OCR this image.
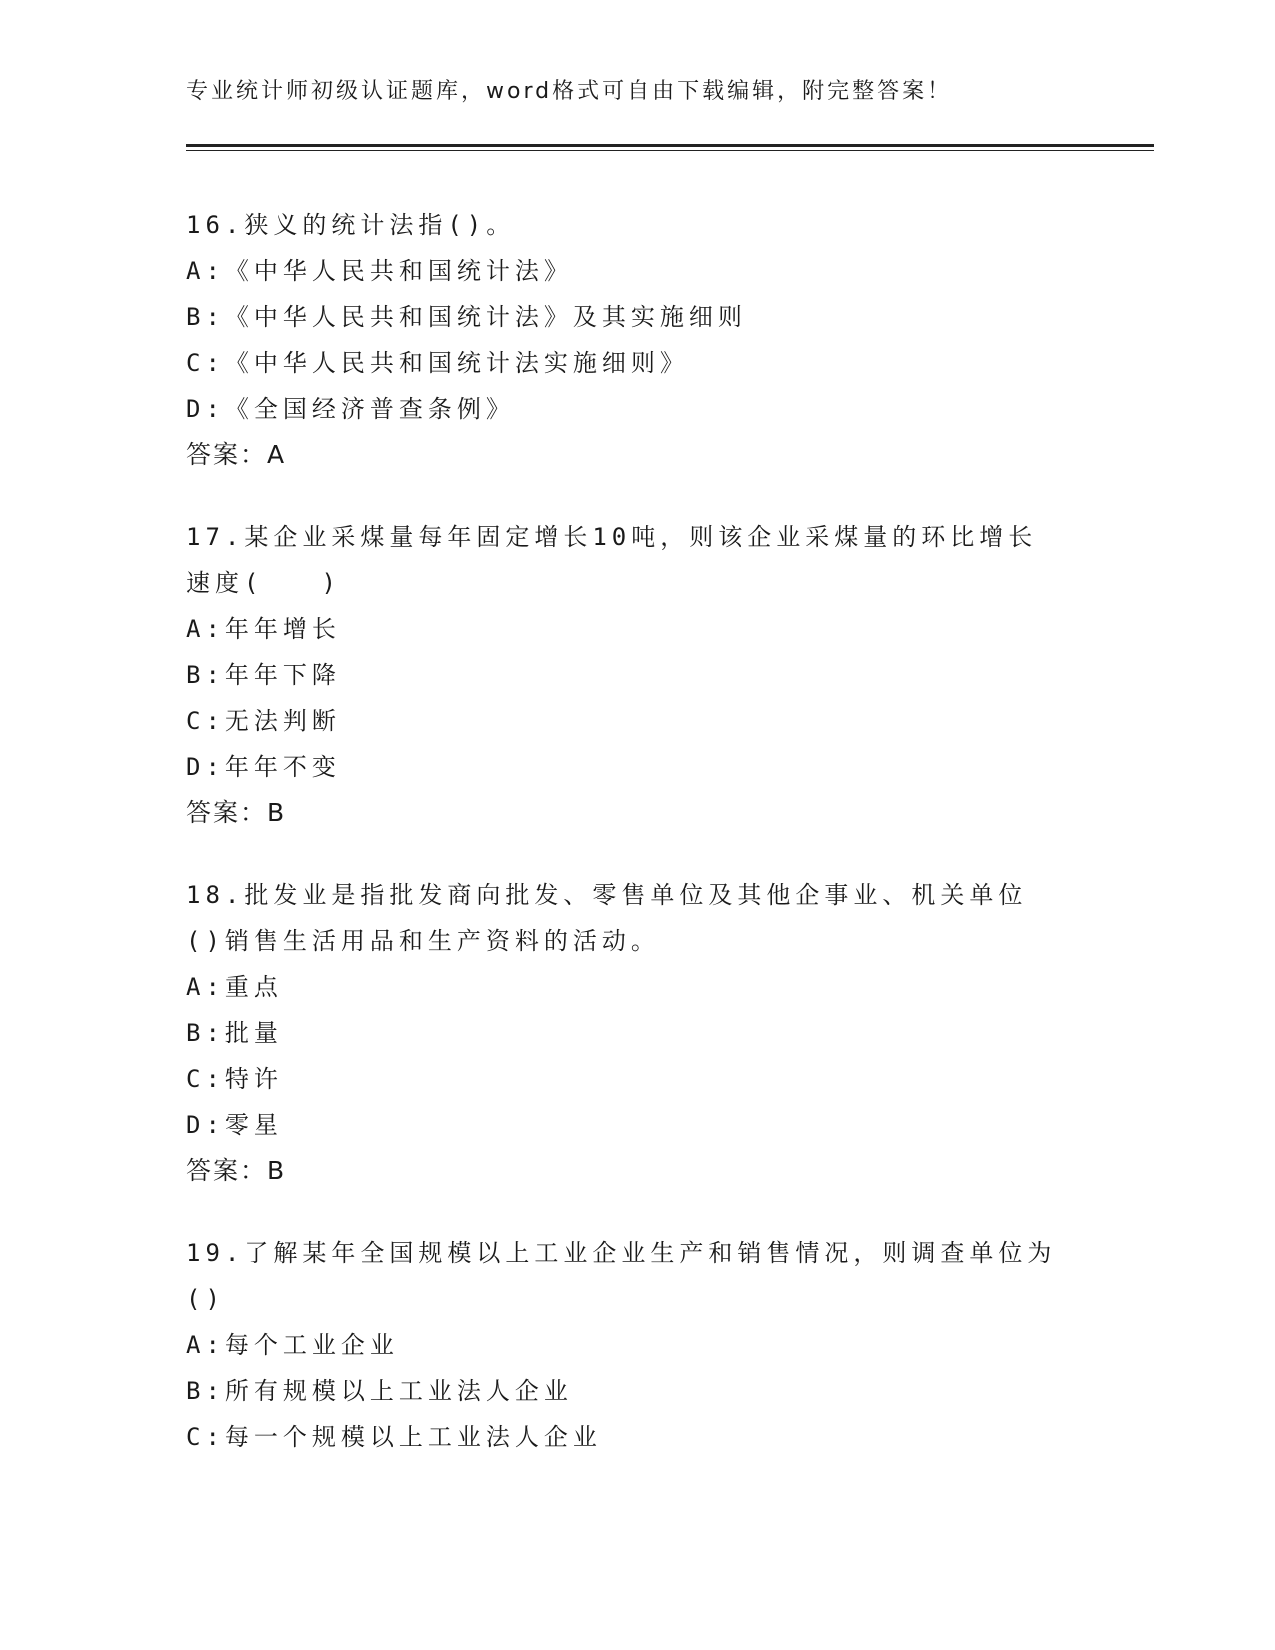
专业统计师初级认证题库，word格式可自由下载编辑，附完整答案！
16.狭义的统计法指()。
A:《中华人民共和国统计法》
B:《中华人民共和国统计法》及其实施细则
C:《中华人民共和国统计法实施细则》
D:《全国经济普查条例》
答案：A
17.某企业采煤量每年固定增长10吨，则该企业采煤量的环比增长速度(　　)
A:年年增长
B:年年下降
C:无法判断
D:年年不变
答案：B
18.批发业是指批发商向批发、零售单位及其他企事业、机关单位()销售生活用品和生产资料的活动。
A:重点
B:批量
C:特许
D:零星
答案：B
19.了解某年全国规模以上工业企业生产和销售情况，则调查单位为()
A:每个工业企业
B:所有规模以上工业法人企业
C:每一个规模以上工业法人企业
